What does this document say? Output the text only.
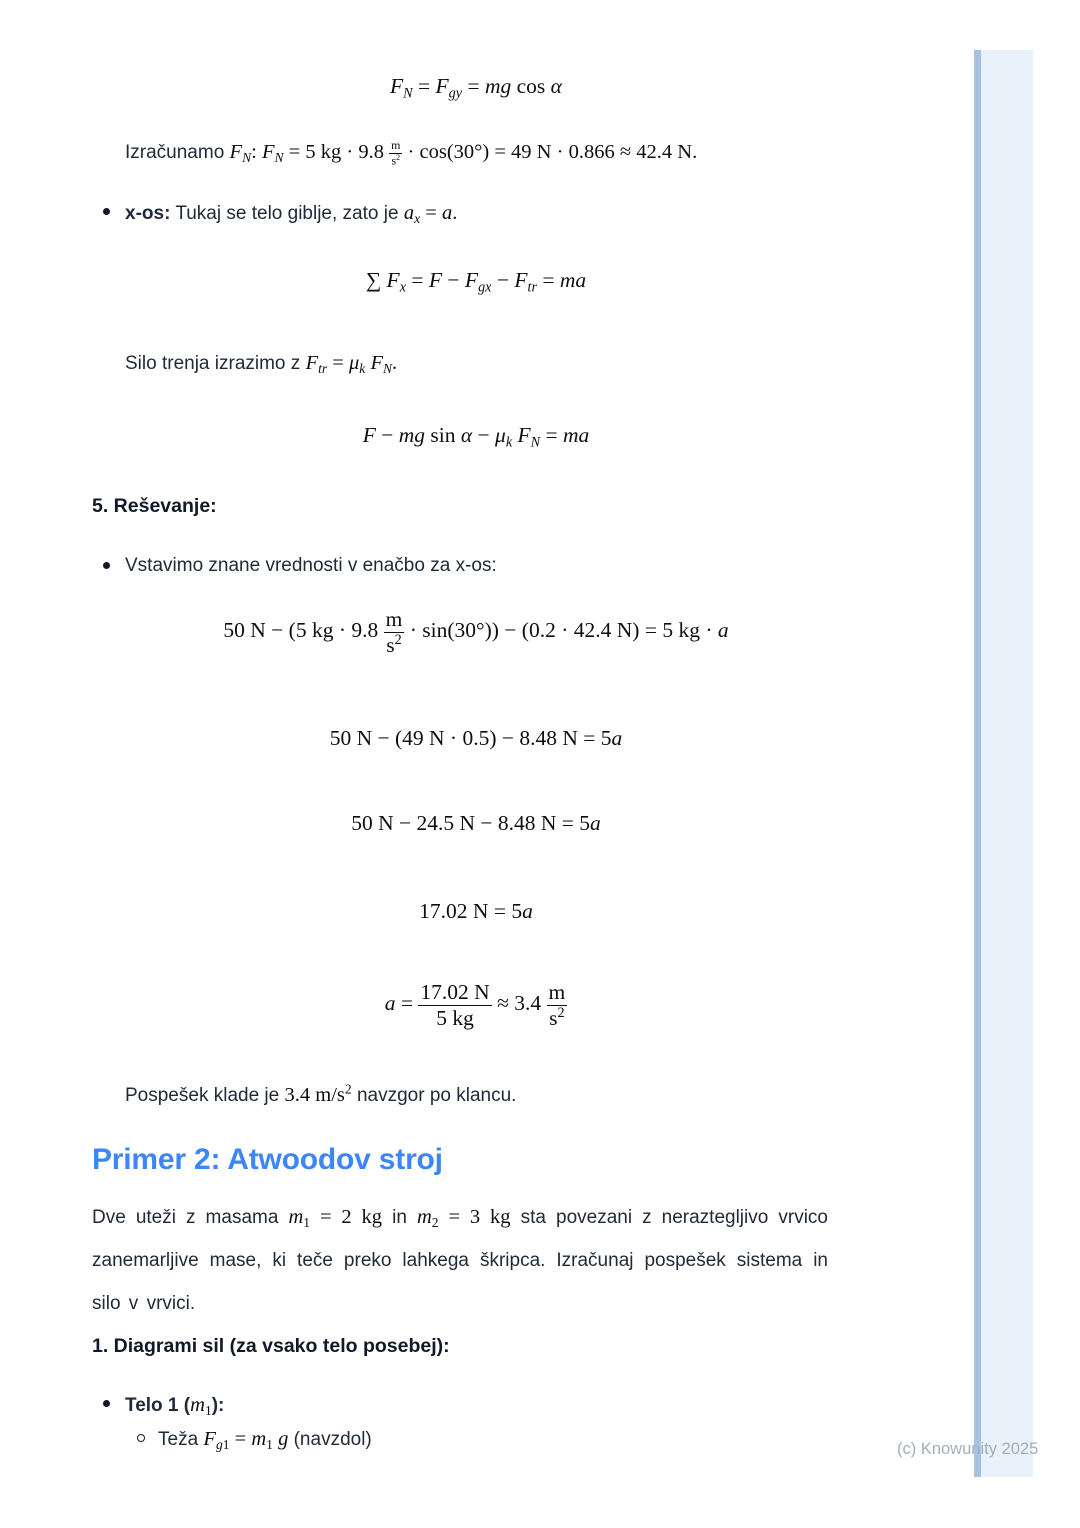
FN = Fgy = mg cos α
Izračunamo FN: FN = 5 kg · $9.8 \frac{m}{s^2} \cdot \cos(30^\circ) = 49$ N · 0.866 ≈ 42.4 N.
x-os: Tukaj se telo giblje, zato je ax = a.
∑ Fx = F − Fgx − Ftr = ma
Silo trenja izrazimo z Ftr = μk FN.
F − mg sin α − μk FN = ma
5. Reševanje:
Vstavimo znane vrednosti v enačbo za x-os:
50 N − (5 kg · $9.8 \frac{m}{s^2} \cdot \sin(30^\circ)) - (0.2 \cdot 42.4$ N) = 5 kg · a
50 N − (49 N · 0.5) − 8.48 N = 5a
50 N − 24.5 N − 8.48 N = 5a
17.02 N = 5a
$a = \frac{17.02 N}{5 kg} \approx 3.4 \frac{m}{s^2}$
Pospešek klade je 3.4 $m/s^2$ navzgor po klancu.
Primer 2: Atwoodov stroj
Dve uteži z masama m1 = 2 kg in m2 = 3 kg sta povezani z neraztegljivo vrvico zanemarljive mase, ki teče preko lahkega škripca. Izračunaj pospešek sistema in silo v vrvici.
1. Diagrami sil (za vsako telo posebej):
Telo 1 (m1):
Teža Fg1 = m1 g (navzdol)	(c) Knowunity 2025
